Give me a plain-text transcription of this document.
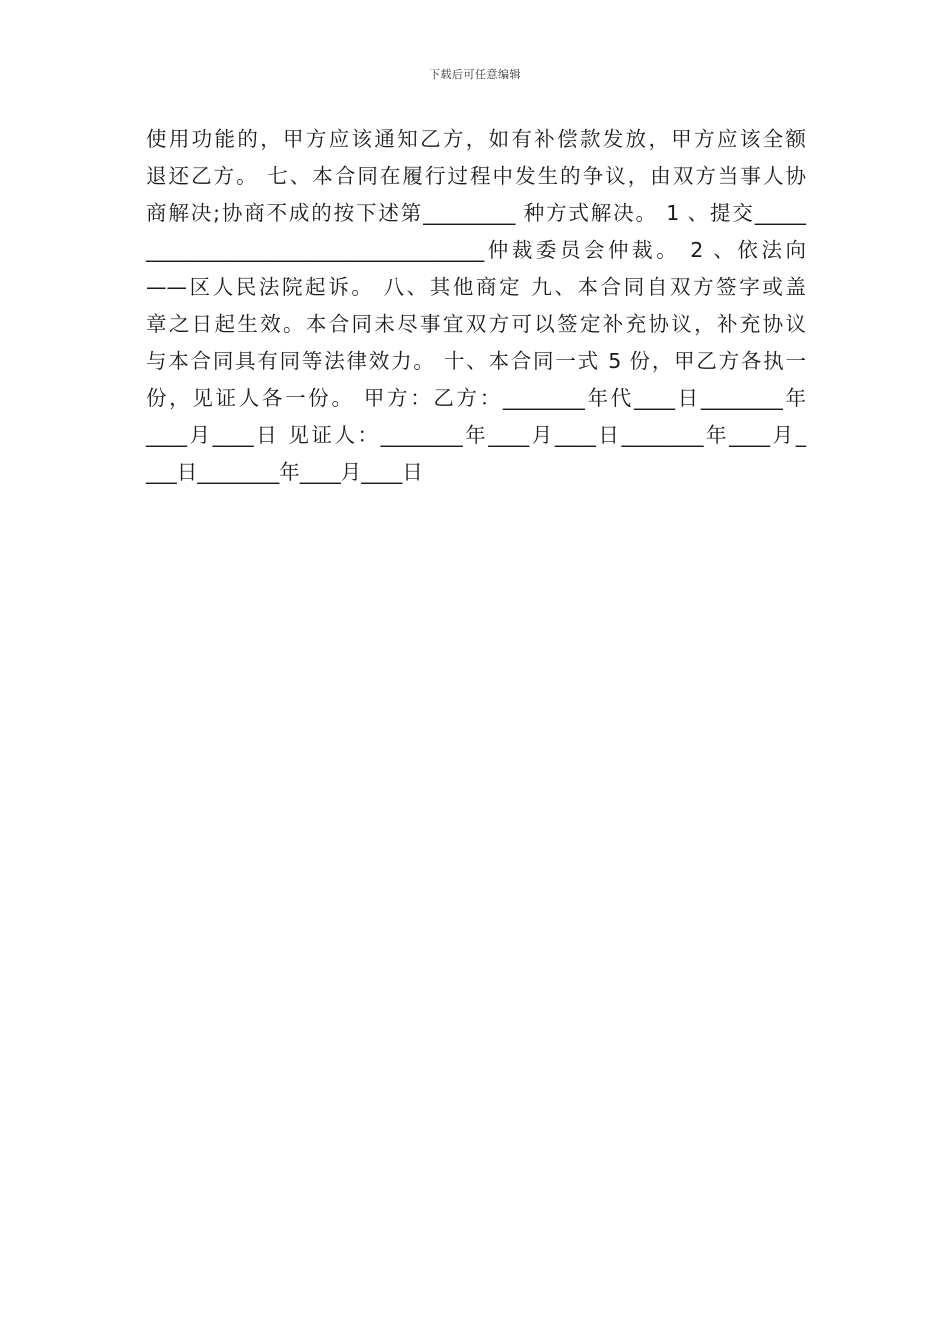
下载后可任意编辑
使用功能的，甲方应该通知乙方，如有补偿款发放，甲方应该全额
退还乙方。 七、本合同在履行过程中发生的争议，由双方当事人协
商解决;协商不成的按下述第_________ 种方式解决。 1 、提交_____
_________________________________仲裁委员会仲裁。 2 、依法向
——区人民法院起诉。 八、其他商定 九、本合同自双方签字或盖
章之日起生效。本合同未尽事宜双方可以签定补充协议，补充协议
与本合同具有同等法律效力。 十、本合同一式 5 份，甲乙方各执一
份，见证人各一份。 甲方：乙方：________年代____日________年
____月____日 见证人：________年____月____日________年____月_
___日________年____月____日
